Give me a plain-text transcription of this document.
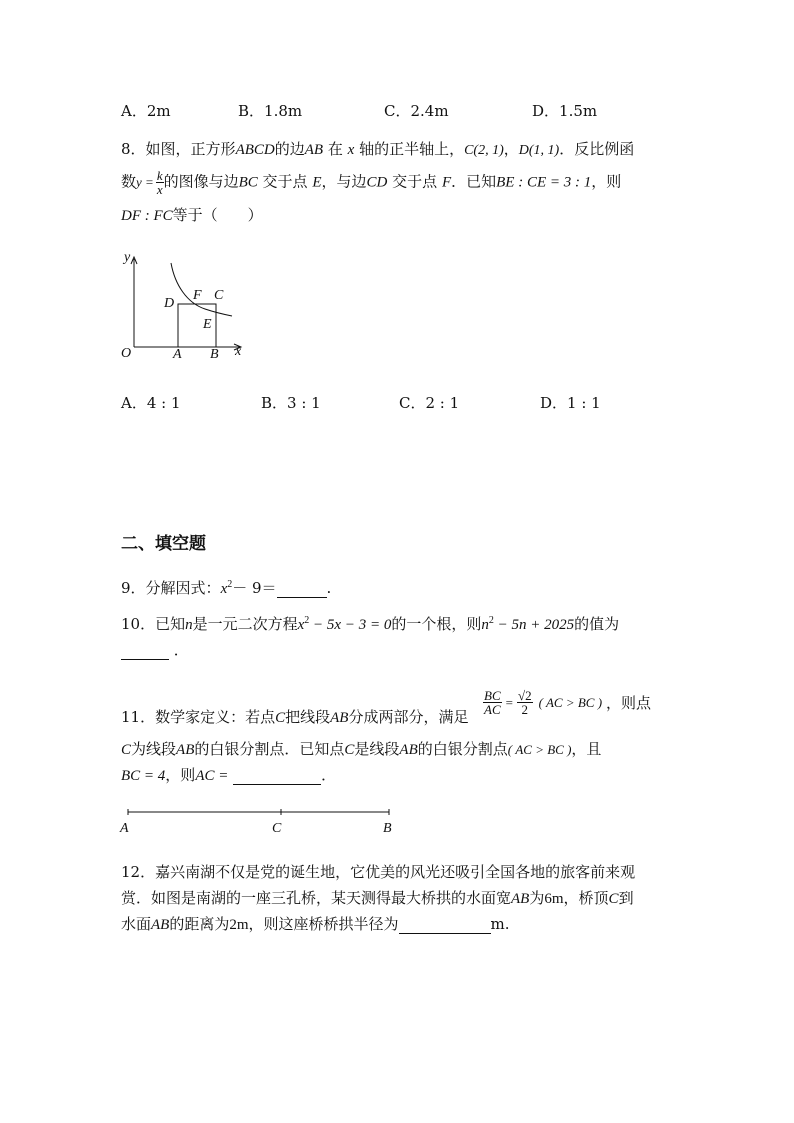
A．2m	B．1.8m	C．2.4m	D．1.5m
8．如图，正方形ABCD的边AB 在 x 轴的正半轴上，C(2, 1)，D(1, 1)．反比例函
数$y = \frac{k}{x}$ 的图像与边BC 交于点 E，与边CD 交于点 F．已知BE : CE = 3 : 1，则
DF : FC等于（　　）
y
x
O	A B
D
F C
E
A．4 : 1	B．3 : 1	C．2 : 1	D．1 : 1
二、填空题
9．分解因式：$x^2- 9=$	.
10．已知n是一元二次方程$x^2 - 5x - 3 = 0$的一个根，则$n^2 - 5n + 2025$的值为
．
11．数学家定义：若点C把线段AB分成两部分，满足
$\frac{BC}{AC} = \frac{√2}{2}$ ( AC > BC ) ，则点
C为线段AB的白银分割点．已知点C是线段AB的白银分割点( AC > BC )，且
BC = 4，则AC =	．
A	C	B
12．嘉兴南湖不仅是党的诞生地，它优美的风光还吸引全国各地的旅客前来观
赏．如图是南湖的一座三孔桥，某天测得最大桥拱的水面宽AB为6m，桥顶C到
水面AB的距离为2m，则这座桥桥拱半径为	m.
